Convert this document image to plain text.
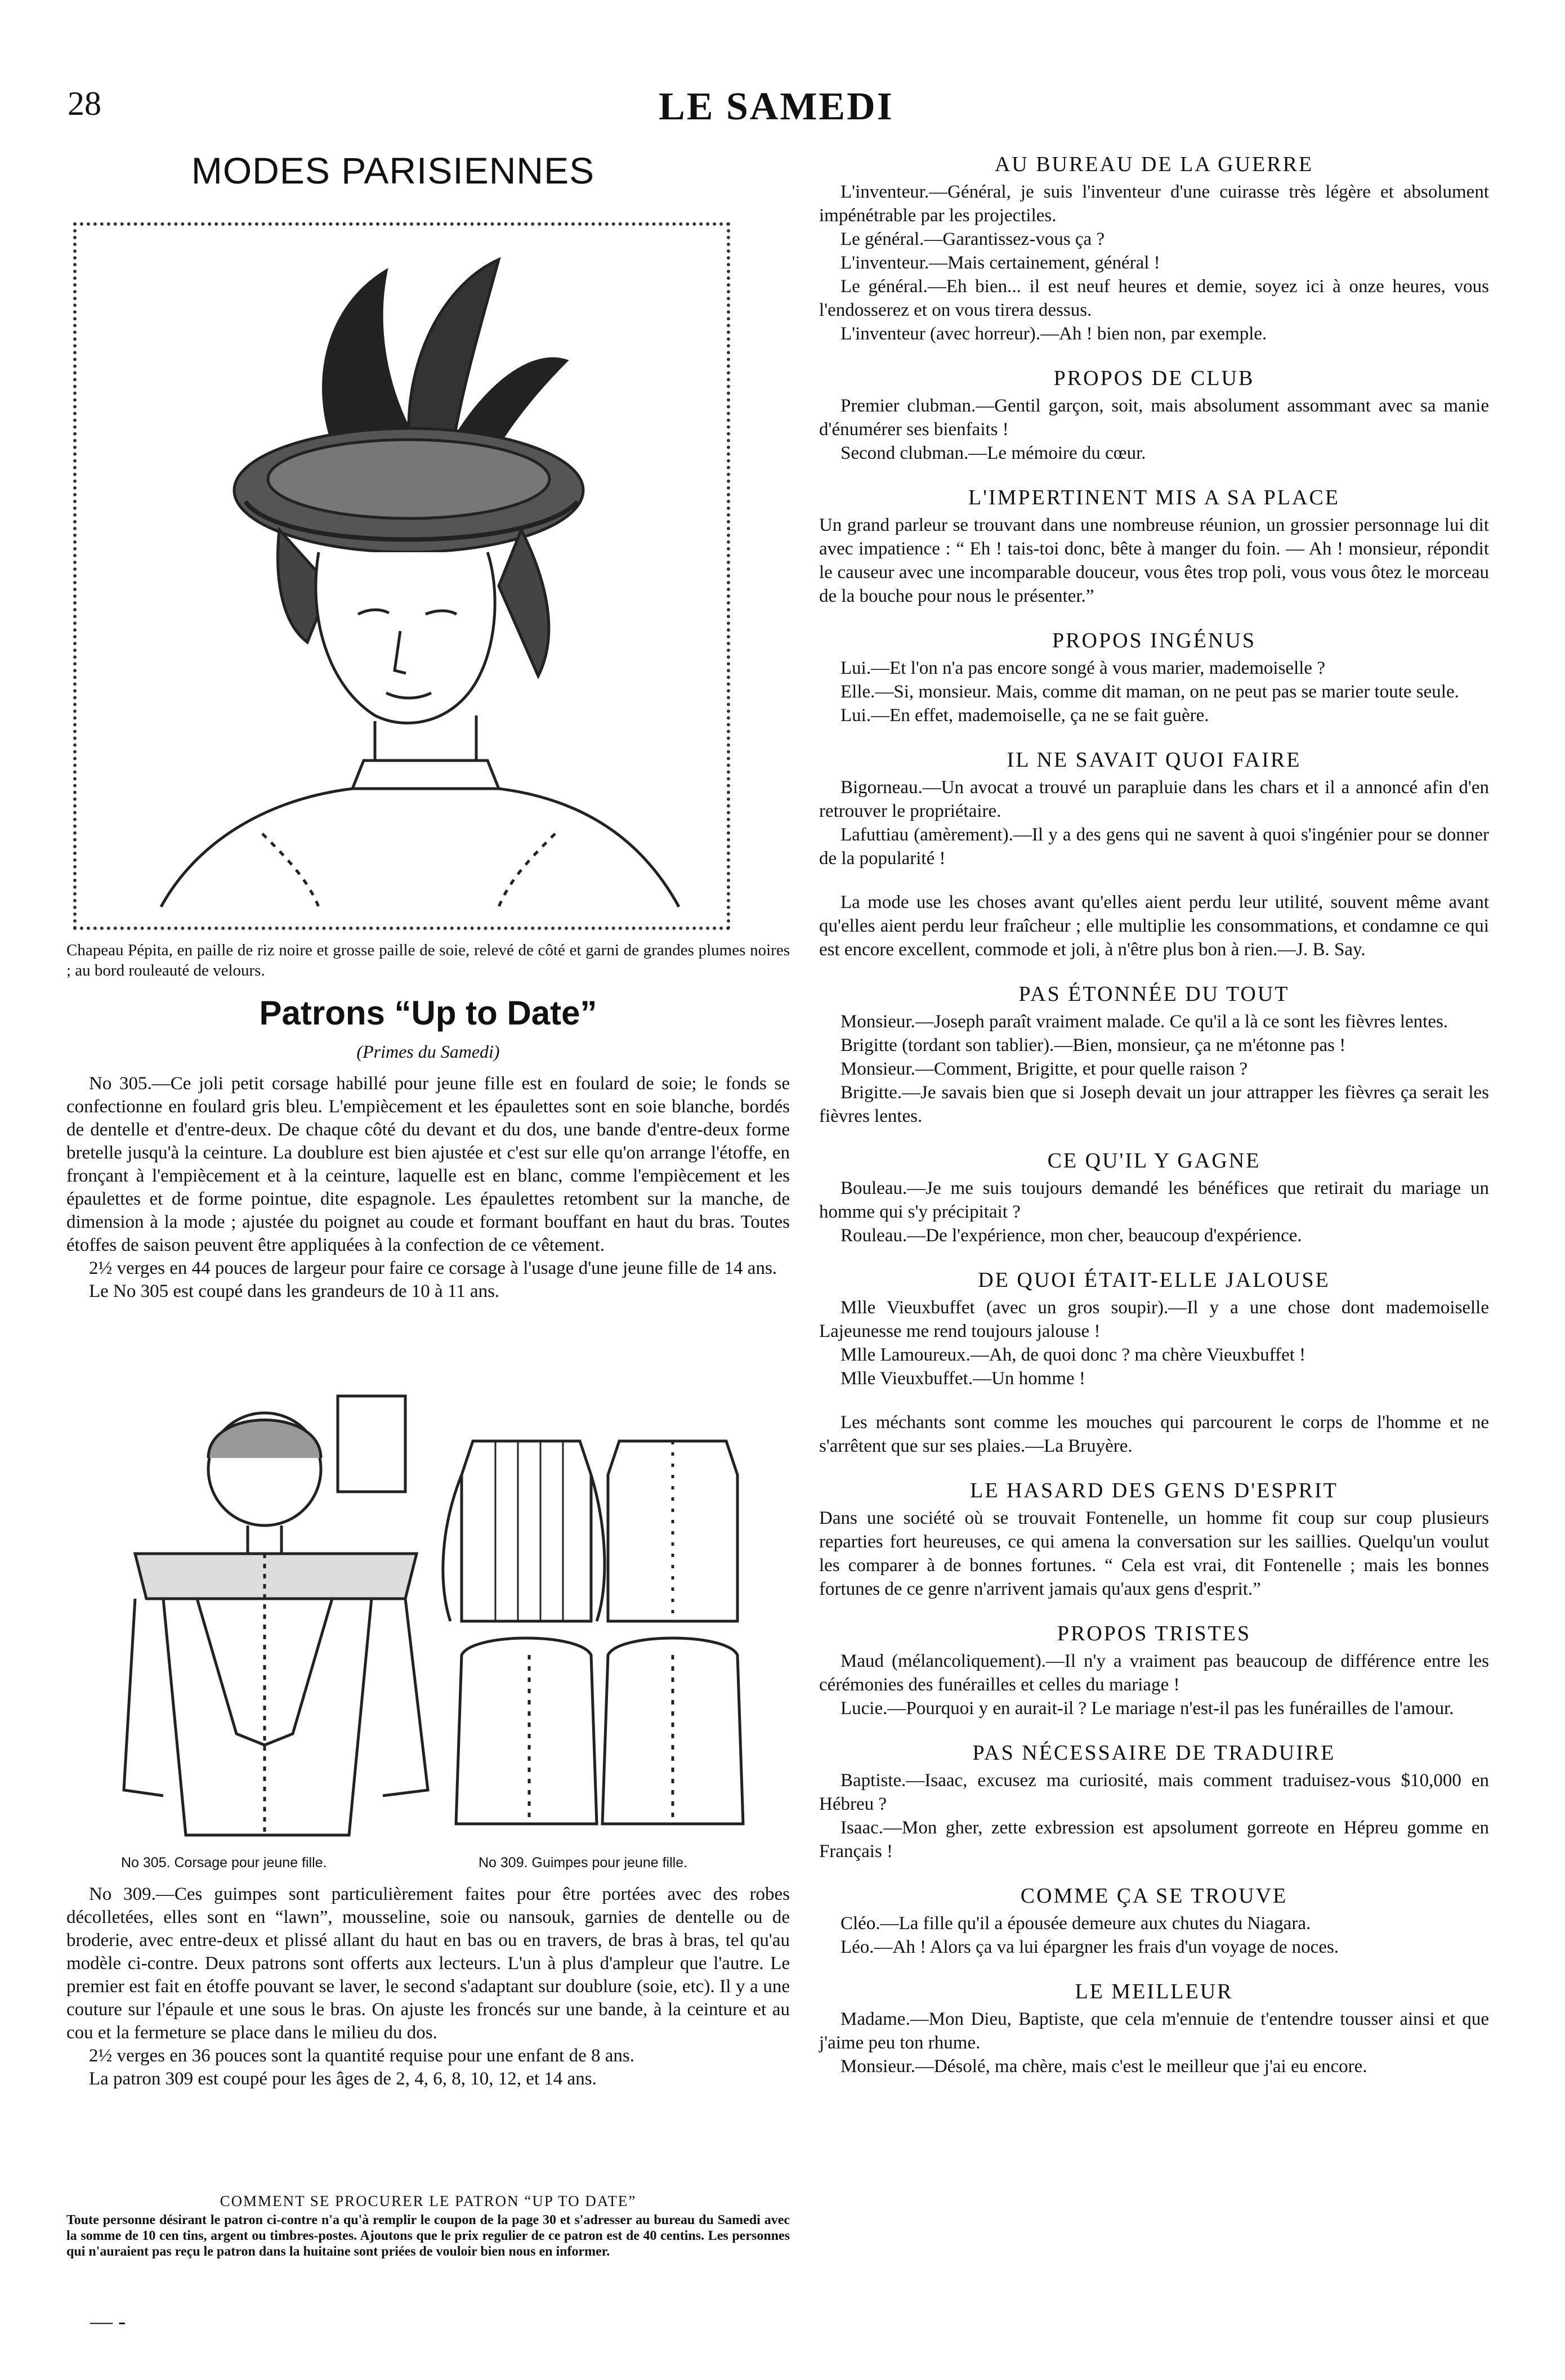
28	LE SAMEDI
MODES PARISIENNES
Chapeau Pépita, en paille de riz noire et grosse paille de soie, relevé de côté et garni de grandes plumes noires ; au bord rouleauté de velours.
Patrons “Up to Date”
(Primes du Samedi)

No 305.—Ce joli petit corsage habillé pour jeune fille est en foulard de soie; le fonds se confectionne en foulard gris bleu. L'empiècement et les épaulettes sont en soie blanche, bordés de dentelle et d'entre-deux. De chaque côté du devant et du dos, une bande d'entre-deux forme bretelle jusqu'à la ceinture. La doublure est bien ajustée et c'est sur elle qu'on arrange l'étoffe, en fronçant à l'empiècement et à la ceinture, laquelle est en blanc, comme l'empiècement et les épaulettes et de forme pointue, dite espagnole. Les épaulettes retombent sur la manche, de dimension à la mode ; ajustée du poignet au coude et formant bouffant en haut du bras. Toutes étoffes de saison peuvent être appliquées à la confection de ce vêtement.

2½ verges en 44 pouces de largeur pour faire ce corsage à l'usage d'une jeune fille de 14 ans.

Le No 305 est coupé dans les grandeurs de 10 à 11 ans.

No 305. Corsage pour jeune fille.	No 309. Guimpes pour jeune fille.

No 309.—Ces guimpes sont particulièrement faites pour être portées avec des robes décolletées, elles sont en “lawn”, mousseline, soie ou nansouk, garnies de dentelle ou de broderie, avec entre-deux et plissé allant du haut en bas ou en travers, de bras à bras, tel qu'au modèle ci-contre. Deux patrons sont offerts aux lecteurs. L'un à plus d'ampleur que l'autre. Le premier est fait en étoffe pouvant se laver, le second s'adaptant sur doublure (soie, etc). Il y a une couture sur l'épaule et une sous le bras. On ajuste les froncés sur une bande, à la ceinture et au cou et la fermeture se place dans le milieu du dos.

2½ verges en 36 pouces sont la quantité requise pour une enfant de 8 ans.

La patron 309 est coupé pour les âges de 2, 4, 6, 8, 10, 12, et 14 ans.

COMMENT SE PROCURER LE PATRON “UP TO DATE”
Toute personne désirant le patron ci-contre n'a qu'à remplir le coupon de la page 30 et s'adresser au bureau du Samedi avec la somme de 10 cen tins, argent ou timbres-postes. Ajoutons que le prix regulier de ce patron est de 40 centins. Les personnes qui n'auraient pas reçu le patron dans la huitaine sont priées de vouloir bien nous en informer.
— -
AU BUREAU DE LA GUERRE

L'inventeur.—Général, je suis l'inventeur d'une cuirasse très légère et absolument impénétrable par les projectiles.

Le général.—Garantissez-vous ça ?

L'inventeur.—Mais certainement, général !

Le général.—Eh bien... il est neuf heures et demie, soyez ici à onze heures, vous l'endosserez et on vous tirera dessus.

L'inventeur (avec horreur).—Ah ! bien non, par exemple.

PROPOS DE CLUB

Premier clubman.—Gentil garçon, soit, mais absolument assommant avec sa manie d'énumérer ses bienfaits !

Second clubman.—Le mémoire du cœur.

L'IMPERTINENT MIS A SA PLACE

Un grand parleur se trouvant dans une nombreuse réunion, un grossier personnage lui dit avec impatience : “ Eh ! tais-toi donc, bête à manger du foin. — Ah ! monsieur, répondit le causeur avec une incomparable douceur, vous êtes trop poli, vous vous ôtez le morceau de la bouche pour nous le présenter.”

PROPOS INGÉNUS

Lui.—Et l'on n'a pas encore songé à vous marier, mademoiselle ?

Elle.—Si, monsieur. Mais, comme dit maman, on ne peut pas se marier toute seule.

Lui.—En effet, mademoiselle, ça ne se fait guère.

IL NE SAVAIT QUOI FAIRE

Bigorneau.—Un avocat a trouvé un parapluie dans les chars et il a annoncé afin d'en retrouver le propriétaire.

Lafuttiau (amèrement).—Il y a des gens qui ne savent à quoi s'ingénier pour se donner de la popularité !

La mode use les choses avant qu'elles aient perdu leur utilité, souvent même avant qu'elles aient perdu leur fraîcheur ; elle multiplie les consommations, et condamne ce qui est encore excellent, commode et joli, à n'être plus bon à rien.—J. B. Say.

PAS ÉTONNÉE DU TOUT

Monsieur.—Joseph paraît vraiment malade. Ce qu'il a là ce sont les fièvres lentes.

Brigitte (tordant son tablier).—Bien, monsieur, ça ne m'étonne pas !

Monsieur.—Comment, Brigitte, et pour quelle raison ?

Brigitte.—Je savais bien que si Joseph devait un jour attrapper les fièvres ça serait les fièvres lentes.

CE QU'IL Y GAGNE

Bouleau.—Je me suis toujours demandé les bénéfices que retirait du mariage un homme qui s'y précipitait ?

Rouleau.—De l'expérience, mon cher, beaucoup d'expérience.

DE QUOI ÉTAIT-ELLE JALOUSE

Mlle Vieuxbuffet (avec un gros soupir).—Il y a une chose dont mademoiselle Lajeunesse me rend toujours jalouse !

Mlle Lamoureux.—Ah, de quoi donc ? ma chère Vieuxbuffet !

Mlle Vieuxbuffet.—Un homme !

Les méchants sont comme les mouches qui parcourent le corps de l'homme et ne s'arrêtent que sur ses plaies.—La Bruyère.

LE HASARD DES GENS D'ESPRIT

Dans une société où se trouvait Fontenelle, un homme fit coup sur coup plusieurs reparties fort heureuses, ce qui amena la conversation sur les saillies. Quelqu'un voulut les comparer à de bonnes fortunes. “ Cela est vrai, dit Fontenelle ; mais les bonnes fortunes de ce genre n'arrivent jamais qu'aux gens d'esprit.”

PROPOS TRISTES

Maud (mélancoliquement).—Il n'y a vraiment pas beaucoup de différence entre les cérémonies des funérailles et celles du mariage !

Lucie.—Pourquoi y en aurait-il ? Le mariage n'est-il pas les funérailles de l'amour.

PAS NÉCESSAIRE DE TRADUIRE

Baptiste.—Isaac, excusez ma curiosité, mais comment traduisez-vous $10,000 en Hébreu ?

Isaac.—Mon gher, zette exbression est apsolument gorreote en Hépreu gomme en Français !

COMME ÇA SE TROUVE

Cléo.—La fille qu'il a épousée demeure aux chutes du Niagara.

Léo.—Ah ! Alors ça va lui épargner les frais d'un voyage de noces.

LE MEILLEUR

Madame.—Mon Dieu, Baptiste, que cela m'ennuie de t'entendre tousser ainsi et que j'aime peu ton rhume.

Monsieur.—Désolé, ma chère, mais c'est le meilleur que j'ai eu encore.
